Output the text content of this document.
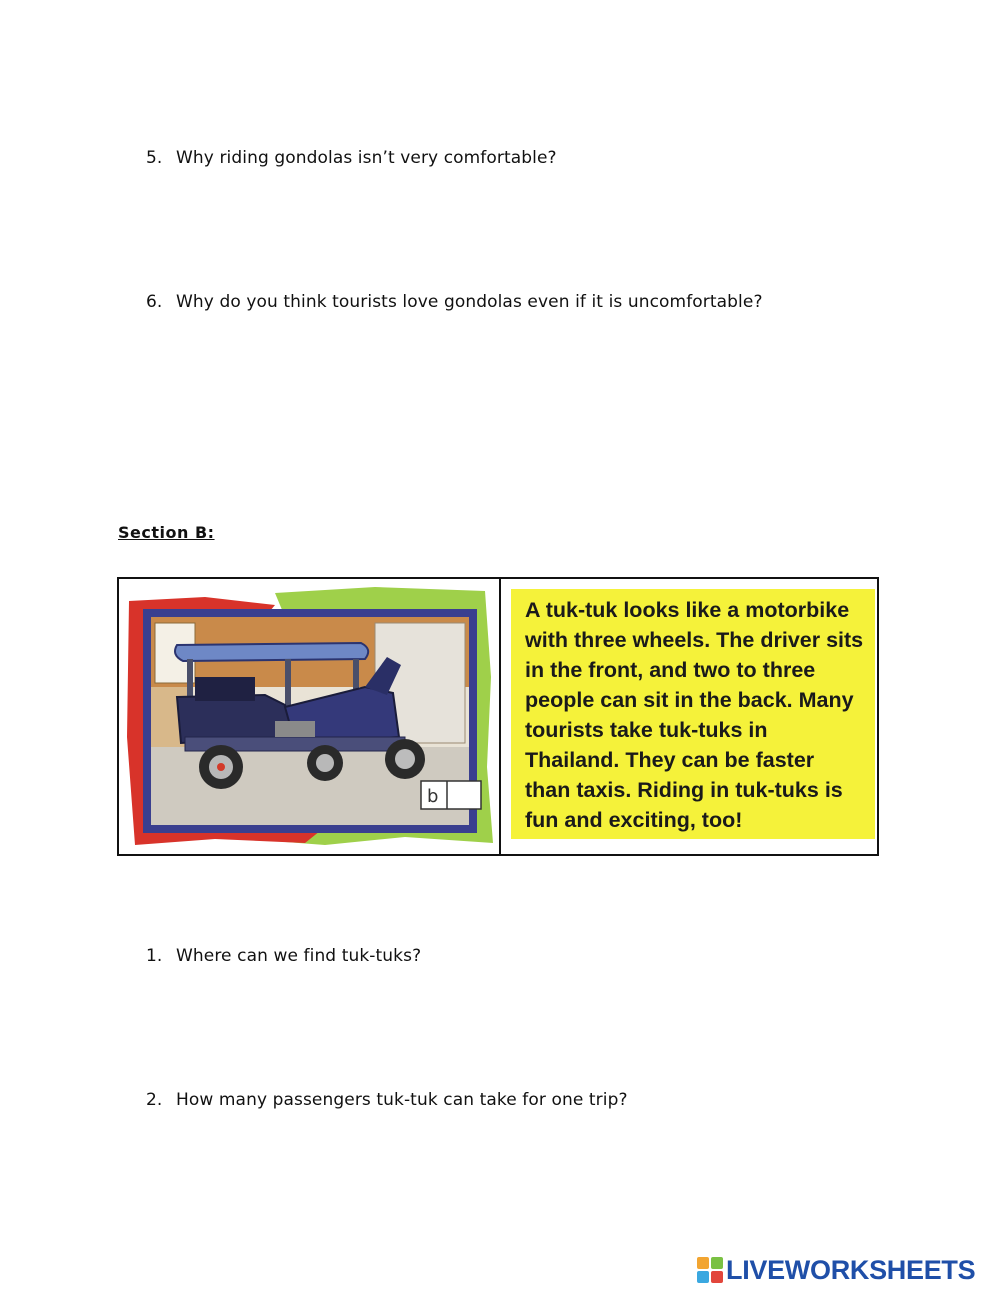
5. Why riding gondolas isn’t very comfortable?
6. Why do you think tourists love gondolas even if it is uncomfortable?
Section B:
b
A tuk-tuk looks like a motorbike with three wheels. The driver sits in the front, and two to three people can sit in the back. Many tourists take tuk-tuks in Thailand. They can be faster than taxis. Riding in tuk-tuks is fun and exciting, too!
1. Where can we find tuk-tuks?
2. How many passengers tuk-tuk can take for one trip?
LIVEWORKSHEETS
